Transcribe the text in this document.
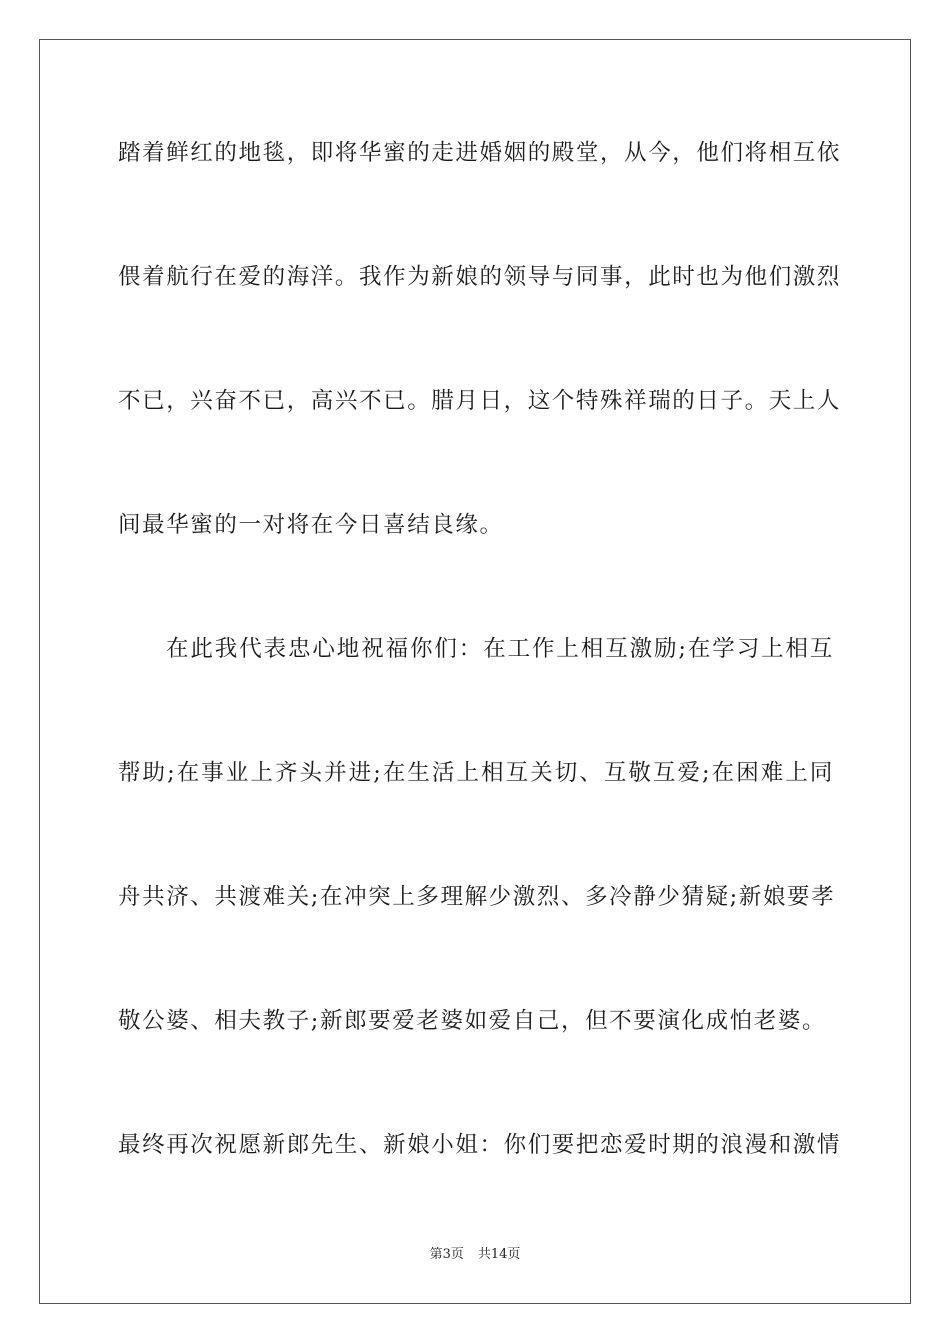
踏着鲜红的地毯，即将华蜜的走进婚姻的殿堂，从今，他们将相互依
偎着航行在爱的海洋。我作为新娘的领导与同事，此时也为他们激烈
不已，兴奋不已，高兴不已。腊月日，这个特殊祥瑞的日子。天上人
间最华蜜的一对将在今日喜结良缘。
在此我代表忠心地祝福你们：在工作上相互激励;在学习上相互
帮助;在事业上齐头并进;在生活上相互关切、互敬互爱;在困难上同
舟共济、共渡难关;在冲突上多理解少激烈、多冷静少猜疑;新娘要孝
敬公婆、相夫教子;新郎要爱老婆如爱自己，但不要演化成怕老婆。
最终再次祝愿新郎先生、新娘小姐：你们要把恋爱时期的浪漫和激情
第3页 共14页
